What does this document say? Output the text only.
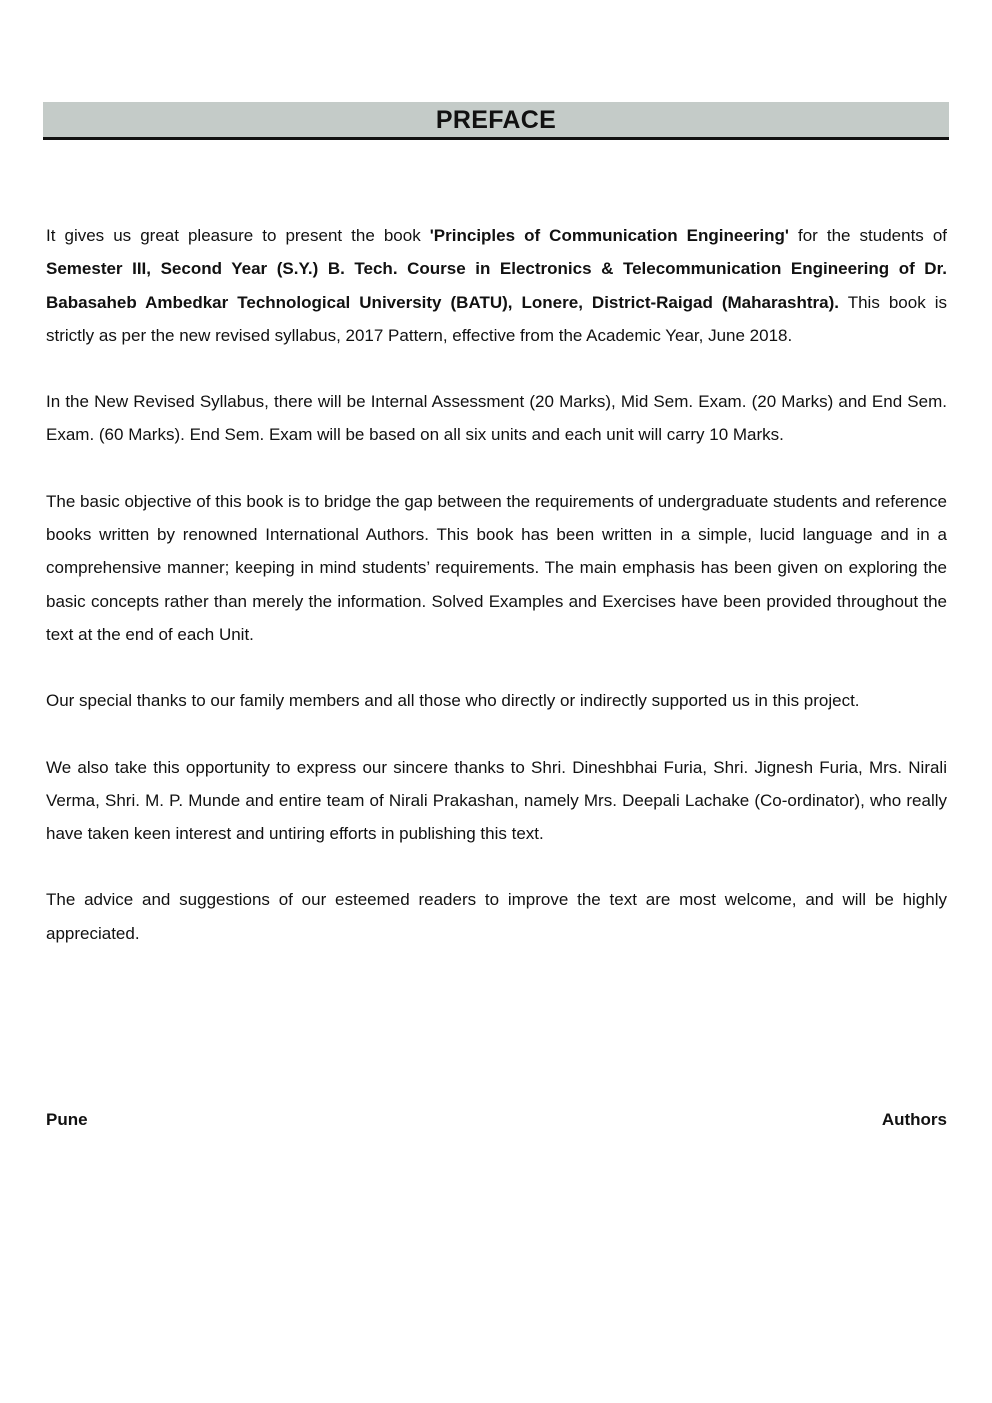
PREFACE

It gives us great pleasure to present the book 'Principles of Communication Engineering' for the students of Semester III, Second Year (S.Y.) B. Tech. Course in Electronics & Telecommunication Engineering of Dr. Babasaheb Ambedkar Technological University (BATU), Lonere, District-Raigad (Maharashtra). This book is strictly as per the new revised syllabus, 2017 Pattern, effective from the Academic Year, June 2018.

In the New Revised Syllabus, there will be Internal Assessment (20 Marks), Mid Sem. Exam. (20 Marks) and End Sem. Exam. (60 Marks). End Sem. Exam will be based on all six units and each unit will carry 10 Marks.

The basic objective of this book is to bridge the gap between the requirements of undergraduate students and reference books written by renowned International Authors. This book has been written in a simple, lucid language and in a comprehensive manner; keeping in mind students’ requirements. The main emphasis has been given on exploring the basic concepts rather than merely the information. Solved Examples and Exercises have been provided throughout the text at the end of each Unit.

Our special thanks to our family members and all those who directly or indirectly supported us in this project.

We also take this opportunity to express our sincere thanks to Shri. Dineshbhai Furia, Shri. Jignesh Furia, Mrs. Nirali Verma, Shri. M. P. Munde and entire team of Nirali Prakashan, namely Mrs. Deepali Lachake (Co-ordinator), who really have taken keen interest and untiring efforts in publishing this text.

The advice and suggestions of our esteemed readers to improve the text are most welcome, and will be highly appreciated.

Pune	Authors
